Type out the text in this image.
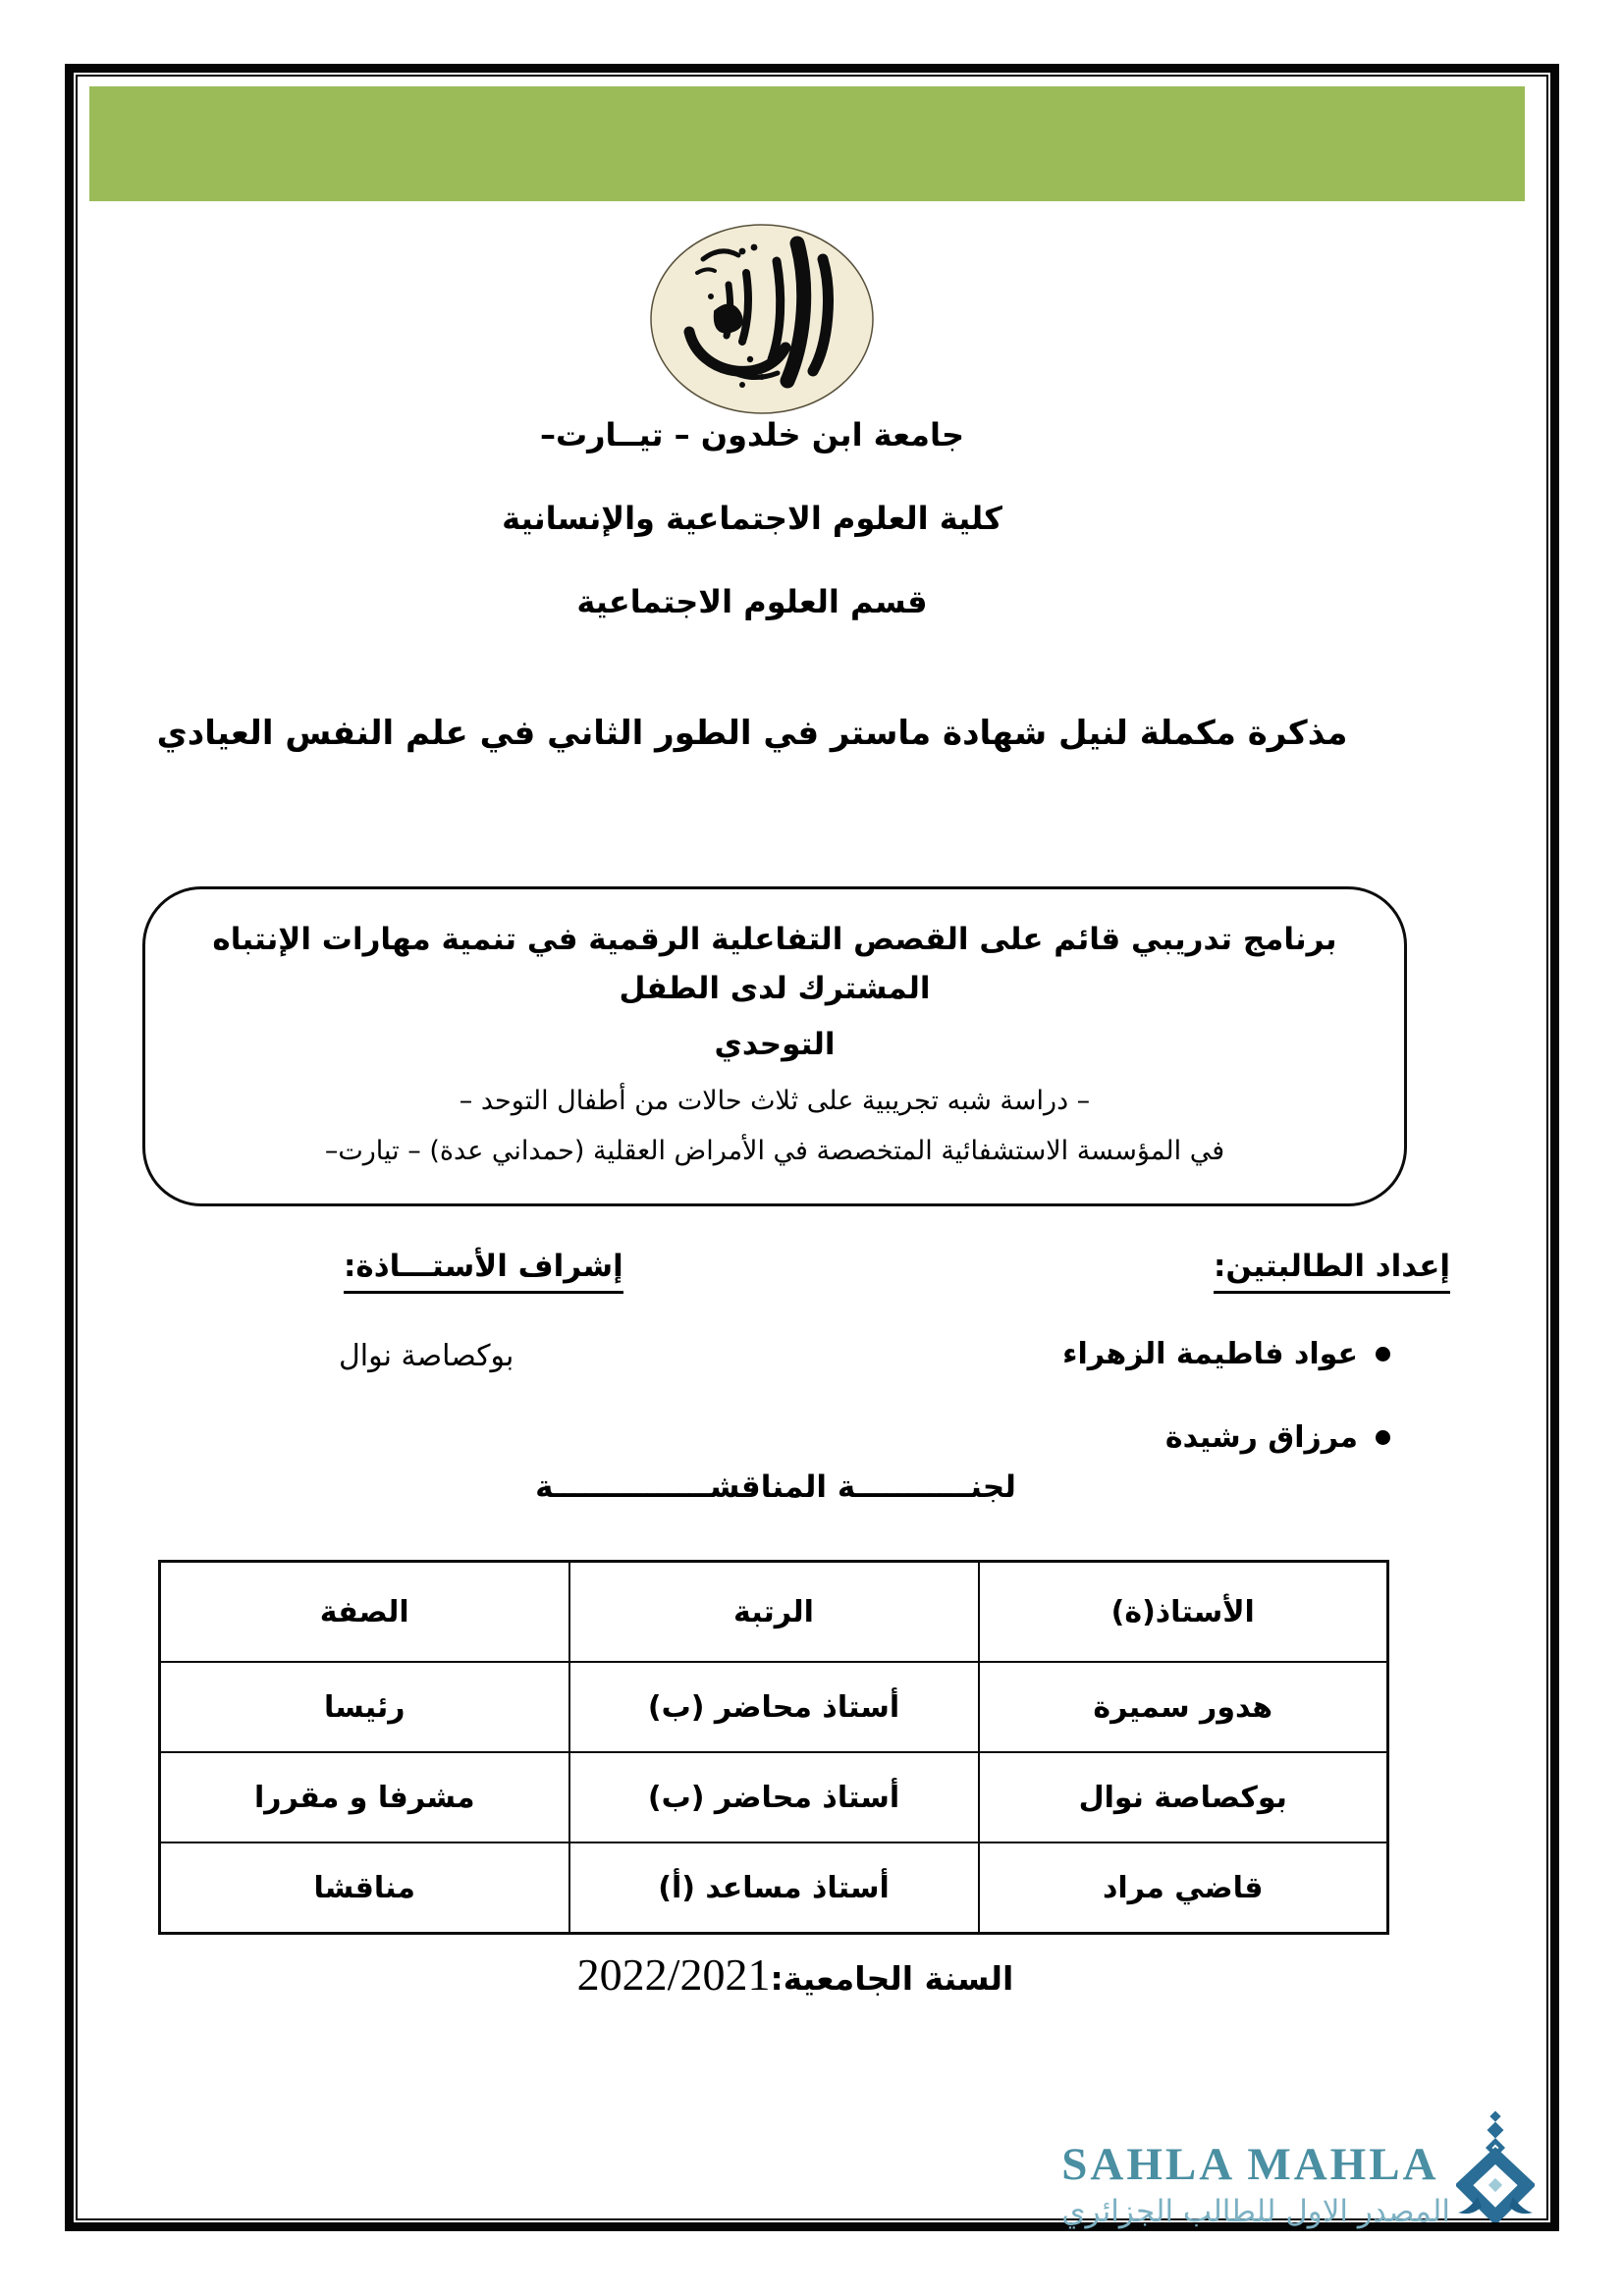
جامعة ابن خلدون – تيــارت–
كلية العلوم الاجتماعية والإنسانية
قسم العلوم الاجتماعية
مذكرة مكملة لنيل شهادة ماستر في الطور الثاني في علم النفس العيادي
برنامج تدريبي قائم على القصص التفاعلية الرقمية في تنمية مهارات الإنتباه المشترك لدى الطفل
التوحدي
– دراسة شبه تجريبية على ثلاث حالات من أطفال التوحد –
في المؤسسة الاستشفائية المتخصصة في الأمراض العقلية (حمداني عدة) – تيارت–
إعداد الطالبتين:
عواد فاطيمة الزهراء
مرزاق رشيدة
إشراف الأستـــاذة:
بوكصاصة نوال
لجنـــــــــــة المناقشـــــــــــــــة
الأستاذ(ة)	الرتبة	الصفة
هدور سميرة	أستاذ محاضر (ب)	رئيسا
بوكصاصة نوال	أستاذ محاضر (ب)	مشرفا و مقررا
قاضي مراد	أستاذ مساعد (أ)	مناقشا
السنة الجامعية:2022/2021
SAHLA MAHLA
المصدر الاول للطالب الجزائري
